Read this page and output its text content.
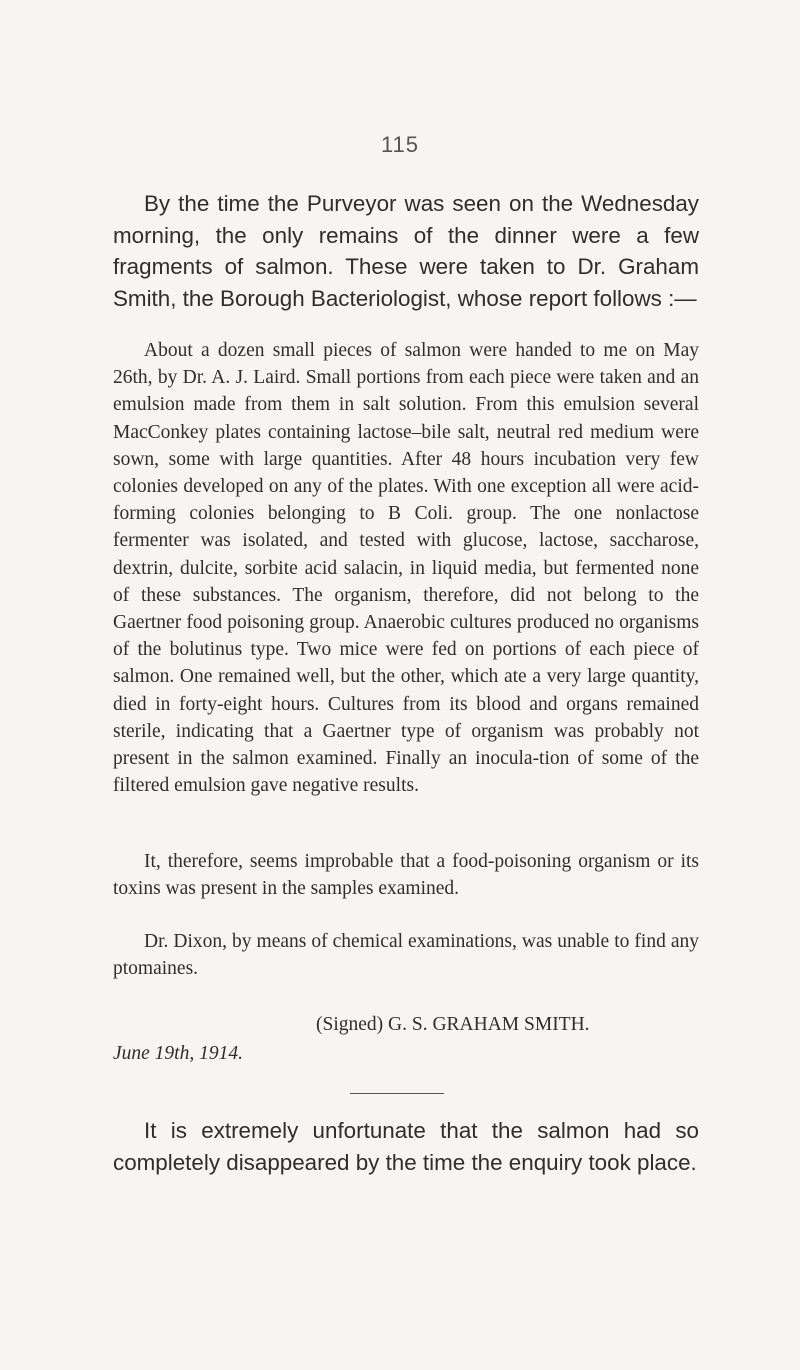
115

By the time the Purveyor was seen on the Wednesday morning, the only remains of the dinner were a few fragments of salmon. These were taken to Dr. Graham Smith, the Borough Bacteriologist, whose report follows :—

About a dozen small pieces of salmon were handed to me on May 26th, by Dr. A. J. Laird. Small portions from each piece were taken and an emulsion made from them in salt solution. From this emulsion several MacConkey plates containing lactose–bile salt, neutral red medium were sown, some with large quantities. After 48 hours incubation very few colonies developed on any of the plates. With one exception all were acid-forming colonies belonging to B Coli. group. The one nonlactose fermenter was isolated, and tested with glucose, lactose, saccharose, dextrin, dulcite, sorbite acid salacin, in liquid media, but fermented none of these substances. The organism, therefore, did not belong to the Gaertner food poisoning group. Anaerobic cultures produced no organisms of the bolutinus type. Two mice were fed on portions of each piece of salmon. One remained well, but the other, which ate a very large quantity, died in forty-eight hours. Cultures from its blood and organs remained sterile, indicating that a Gaertner type of organism was probably not present in the salmon examined. Finally an inocula-tion of some of the filtered emulsion gave negative results.

It, therefore, seems improbable that a food-poisoning organism or its toxins was present in the samples examined.

Dr. Dixon, by means of chemical examinations, was unable to find any ptomaines.

(Signed) G. S. GRAHAM SMITH.
June 19th, 1914.

It is extremely unfortunate that the salmon had so completely disappeared by the time the enquiry took place.
